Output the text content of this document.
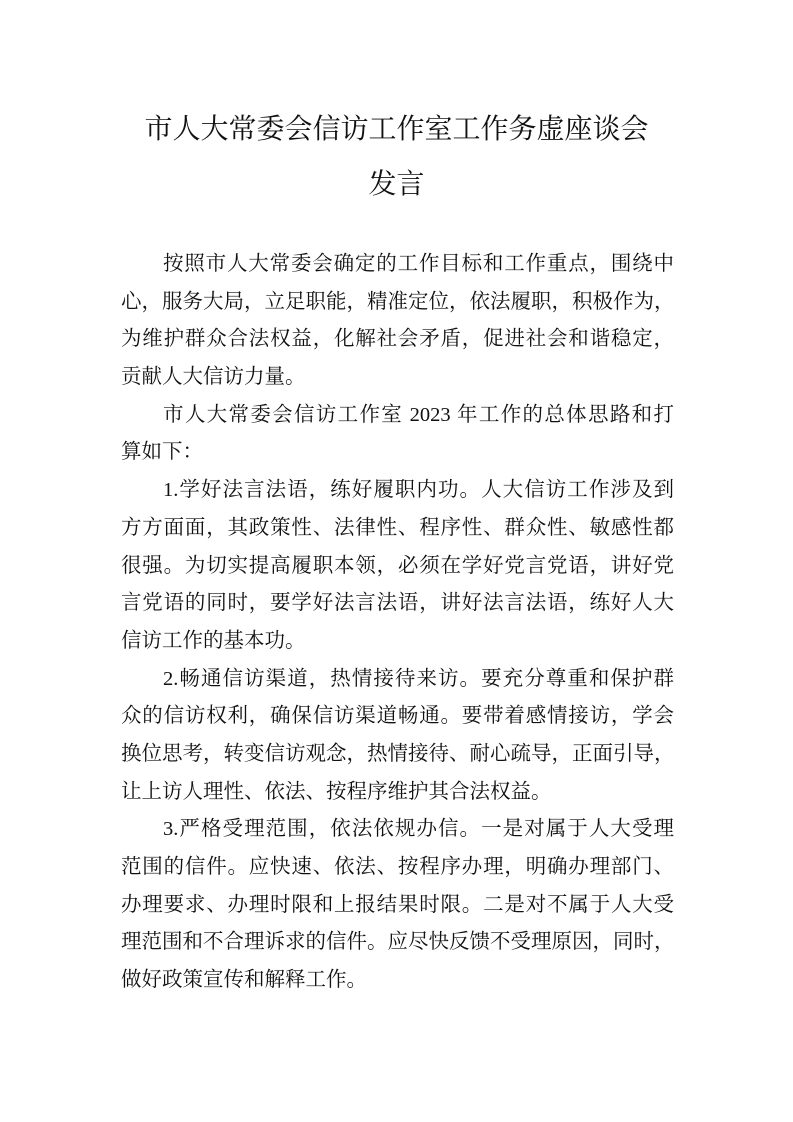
市人大常委会信访工作室工作务虚座谈会
发言
按照市人大常委会确定的工作目标和工作重点，围绕中
心，服务大局，立足职能，精准定位，依法履职，积极作为，
为维护群众合法权益，化解社会矛盾，促进社会和谐稳定，
贡献人大信访力量。
市人大常委会信访工作室 2023 年工作的总体思路和打
算如下：
1.学好法言法语，练好履职内功。人大信访工作涉及到
方方面面，其政策性、法律性、程序性、群众性、敏感性都
很强。为切实提高履职本领，必须在学好党言党语，讲好党
言党语的同时，要学好法言法语，讲好法言法语，练好人大
信访工作的基本功。
2.畅通信访渠道，热情接待来访。要充分尊重和保护群
众的信访权利，确保信访渠道畅通。要带着感情接访，学会
换位思考，转变信访观念，热情接待、耐心疏导，正面引导，
让上访人理性、依法、按程序维护其合法权益。
3.严格受理范围，依法依规办信。一是对属于人大受理
范围的信件。应快速、依法、按程序办理，明确办理部门、
办理要求、办理时限和上报结果时限。二是对不属于人大受
理范围和不合理诉求的信件。应尽快反馈不受理原因，同时，
做好政策宣传和解释工作。
